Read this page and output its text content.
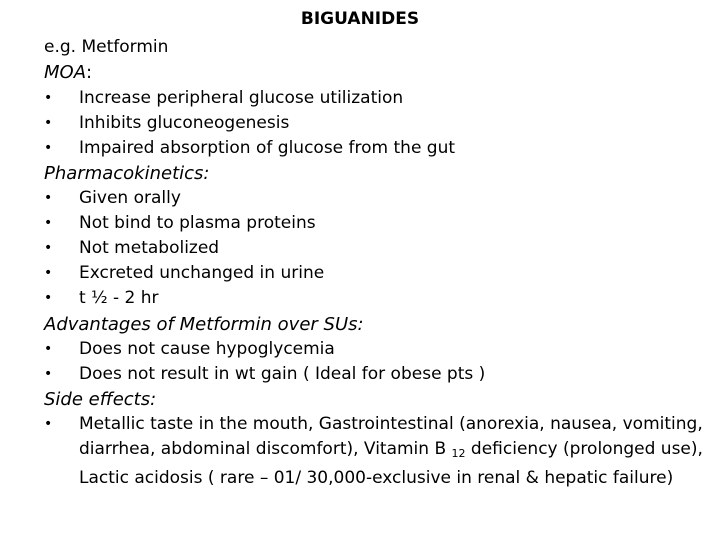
BIGUANIDES
e.g. Metformin
MOA:
•	Increase peripheral glucose utilization
•	Inhibits gluconeogenesis
•	Impaired absorption of glucose from the gut
Pharmacokinetics:
•	Given orally
•	Not bind to plasma proteins
•	Not metabolized
•	Excreted unchanged in urine
•	t ½ - 2 hr
Advantages of Metformin over SUs:
•	Does not cause hypoglycemia
•	Does not result in wt gain ( Ideal for obese pts )
Side effects:
• Metallic taste in the mouth, Gastrointestinal (anorexia, nausea, vomiting, diarrhea, abdominal discomfort), Vitamin B $_{12}$ deficiency (prolonged use), Lactic acidosis ( rare – 01/ 30,000-exclusive in renal & hepatic failure)
